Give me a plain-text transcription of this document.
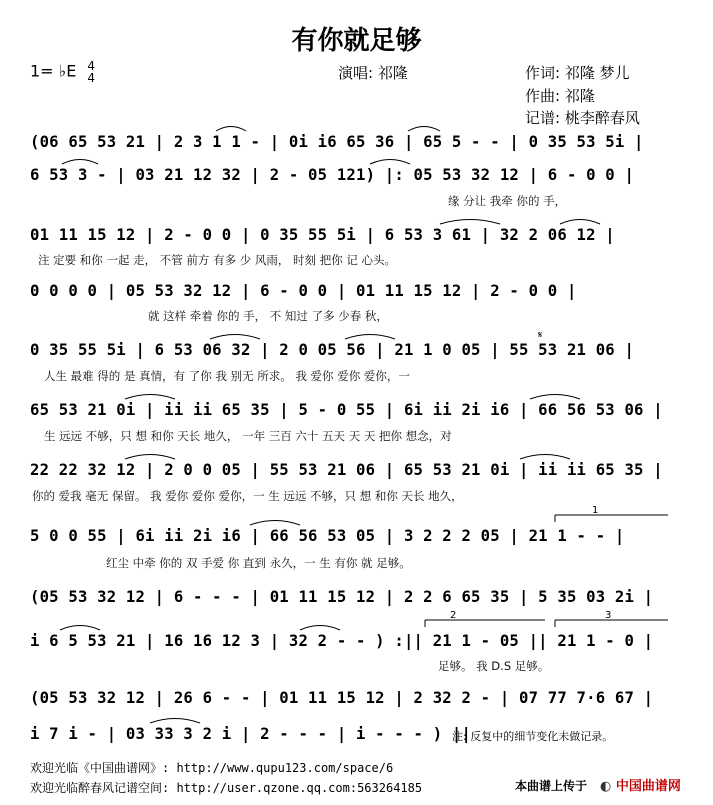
有你就足够
1= ♭E 4
4	演唱: 祁隆	作词: 祁隆 梦儿
作曲: 祁隆
记谱: 桃李醉春风
(06 65 53 21 | 2 3 1 1 - | 0i i6 65 36 | 65 5 - - | 0 35 53 5i |
6 53 3 - | 03 21 12 32 | 2 - 05 121) |: 05 53 32 12 | 6 - 0 0 |
缘 分让 我牵 你的 手，
01 11 15 12 | 2 - 0 0 | 0 35 55 5i | 6 53 3 61 | 32 2 06 12 |
注 定要 和你 一起 走， 不管 前方 有多 少 风雨， 时刻 把你 记 心头。
0 0 0 0 | 05 53 32 12 | 6 - 0 0 | 01 11 15 12 | 2 - 0 0 |
就 这样 牵着 你的 手， 不 知过 了多 少春 秋，
0 35 55 5i | 6 53 06 32 | 2 0 05 56 | 21 1 0 05 | 55 53 21 06 |
人生 最难 得的 是 真情，有 了你 我 别无 所求。 我 爱你 爱你 爱你，一
65 53 21 0i | ii ii 65 35 | 5 - 0 55 | 6i ii 2i i6 | 66 56 53 06 |
生 远远 不够，只 想 和你 天长 地久， 一年 三百 六十 五天 天 天 把你 想念，对
22 22 32 12 | 2 0 0 05 | 55 53 21 06 | 65 53 21 0i | ii ii 65 35 |
你的 爱我 毫无 保留。 我 爱你 爱你 爱你，一 生 远远 不够，只 想 和你 天长 地久，
5 0 0 55 | 6i ii 2i i6 | 66 56 53 05 | 3 2 2 2 05 | 21 1 - - |
红尘 中牵 你的 双 手爱 你 直到 永久，一 生 有你 就 足够。
(05 53 32 12 | 6 - - - | 01 11 15 12 | 2 2 6 65 35 | 5 35 03 2i |
i 6 5 53 21 | 16 16 12 3 | 32 2 - - ) :|| 21 1 - 05 || 21 1 - 0 |
足够。 我 D.S 足够。
(05 53 32 12 | 26 6 - - | 01 11 15 12 | 2 32 2 - | 07 77 7·6 67 |
i 7 i - | 03 33 3 2 i | 2 - - - | i - - - ) ||
注: 反复中的细节变化未做记录。
欢迎光临《中国曲谱网》: http://www.qupu123.com/space/6
欢迎光临醉春风记谱空间: http://user.qzone.qq.com:563264185	本曲谱上传于 ◐ 中国曲谱网
1
2	3
𝄋
